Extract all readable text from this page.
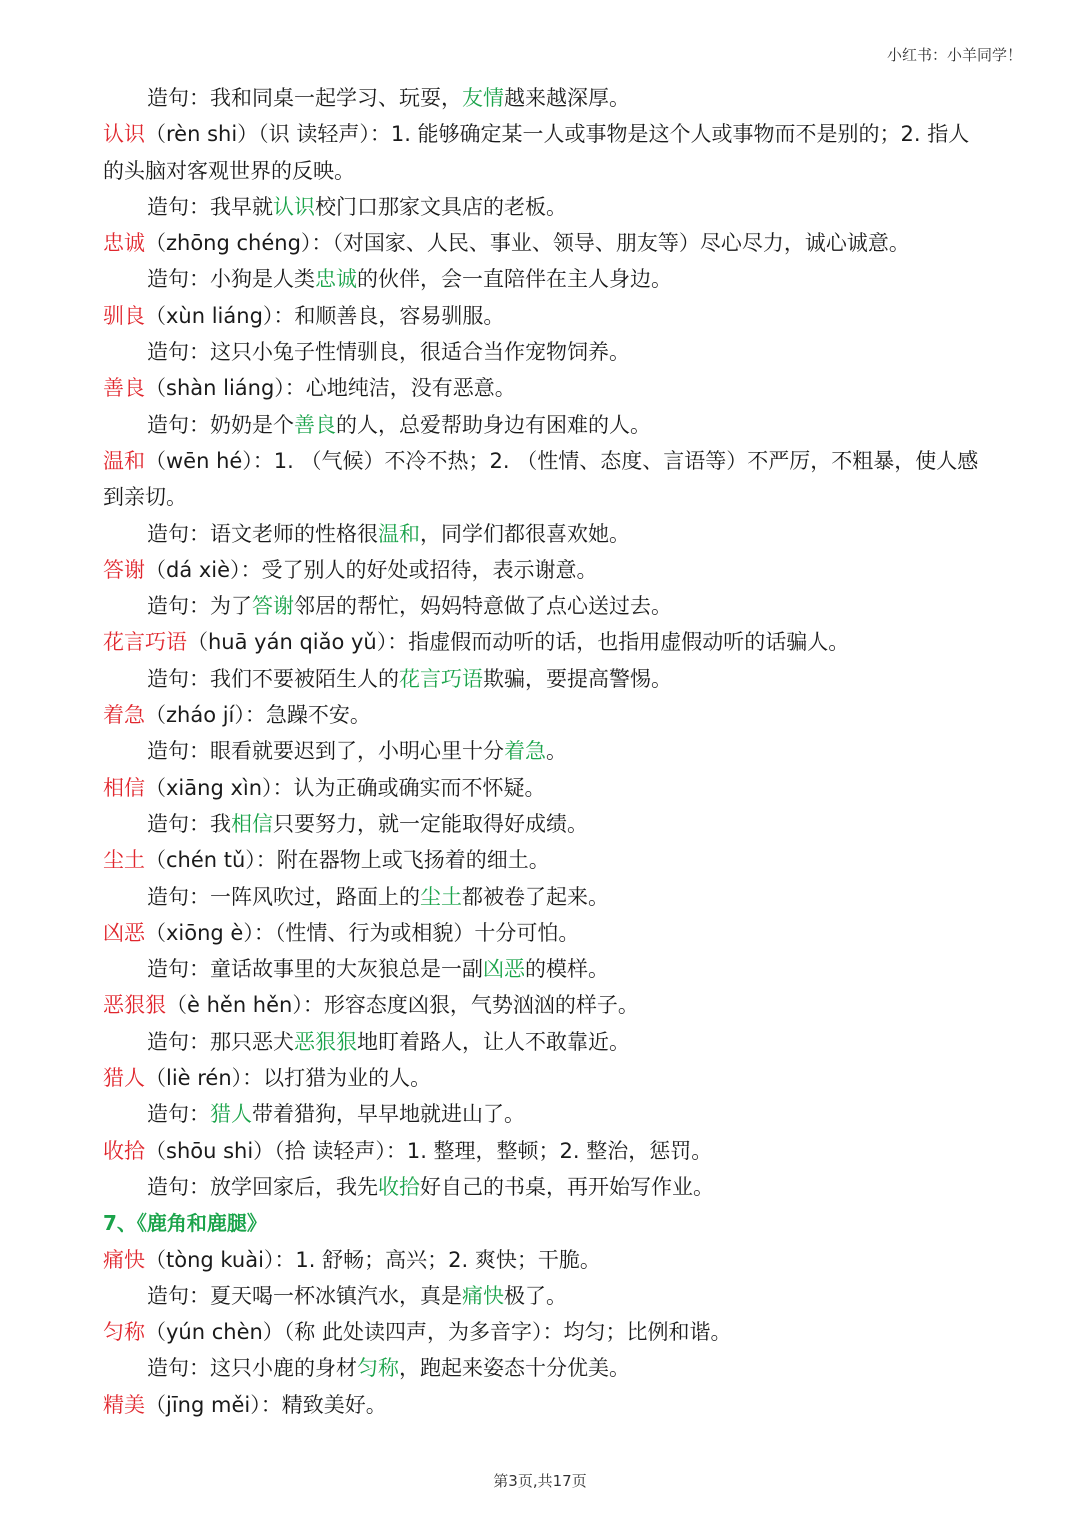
小红书：小羊同学！
造句：我和同桌一起学习、玩耍，友情越来越深厚。
认识（rèn shi）（识 读轻声）：1. 能够确定某一人或事物是这个人或事物而不是别的；2. 指人的头脑对客观世界的反映。
造句：我早就认识校门口那家文具店的老板。
忠诚（zhōng chéng）：（对国家、人民、事业、领导、朋友等）尽心尽力，诚心诚意。
造句：小狗是人类忠诚的伙伴，会一直陪伴在主人身边。
驯良（xùn liáng）：和顺善良，容易驯服。
造句：这只小兔子性情驯良，很适合当作宠物饲养。
善良（shàn liáng）：心地纯洁，没有恶意。
造句：奶奶是个善良的人，总爱帮助身边有困难的人。
温和（wēn hé）：1. （气候）不冷不热；2. （性情、态度、言语等）不严厉，不粗暴，使人感到亲切。
造句：语文老师的性格很温和，同学们都很喜欢她。
答谢（dá xiè）：受了别人的好处或招待，表示谢意。
造句：为了答谢邻居的帮忙，妈妈特意做了点心送过去。
花言巧语（huā yán qiǎo yǔ）：指虚假而动听的话，也指用虚假动听的话骗人。
造句：我们不要被陌生人的花言巧语欺骗，要提高警惕。
着急（zháo jí）：急躁不安。
造句：眼看就要迟到了，小明心里十分着急。
相信（xiāng xìn）：认为正确或确实而不怀疑。
造句：我相信只要努力，就一定能取得好成绩。
尘土（chén tǔ）：附在器物上或飞扬着的细土。
造句：一阵风吹过，路面上的尘土都被卷了起来。
凶恶（xiōng è）：（性情、行为或相貌）十分可怕。
造句：童话故事里的大灰狼总是一副凶恶的模样。
恶狠狠（è hěn hěn）：形容态度凶狠，气势汹汹的样子。
造句：那只恶犬恶狠狠地盯着路人，让人不敢靠近。
猎人（liè rén）：以打猎为业的人。
造句：猎人带着猎狗，早早地就进山了。
收拾（shōu shi）（拾 读轻声）：1. 整理，整顿；2. 整治，惩罚。
造句：放学回家后，我先收拾好自己的书桌，再开始写作业。
7、《鹿角和鹿腿》
痛快（tòng kuài）：1. 舒畅；高兴；2. 爽快；干脆。
造句：夏天喝一杯冰镇汽水，真是痛快极了。
匀称（yún chèn）（称 此处读四声，为多音字）：均匀；比例和谐。
造句：这只小鹿的身材匀称，跑起来姿态十分优美。
精美（jīng měi）：精致美好。
第3页,共17页
